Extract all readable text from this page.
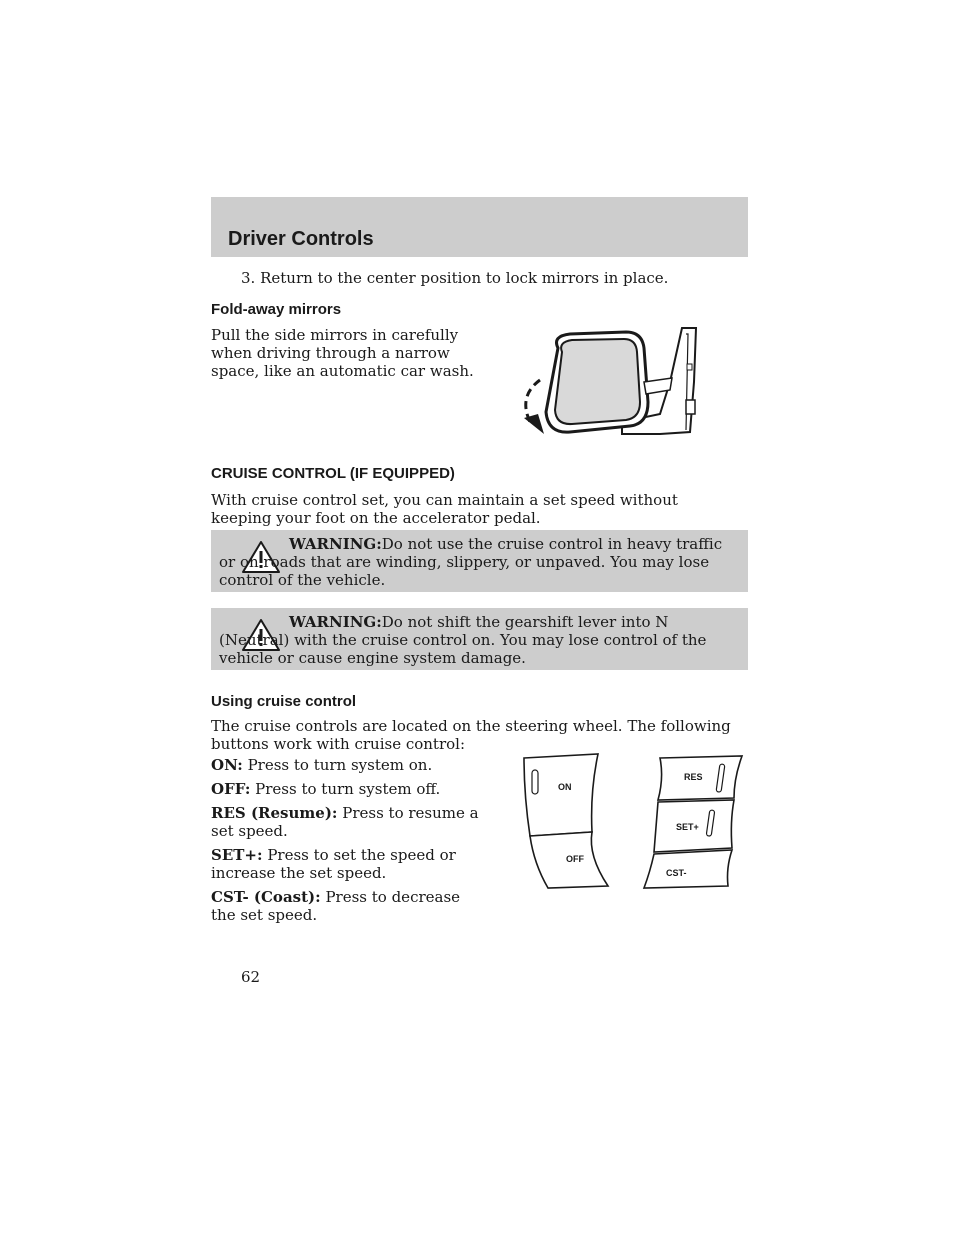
Driver Controls
3. Return to the center position to lock mirrors in place.
Fold-away mirrors
Pull the side mirrors in carefully when driving through a narrow space, like an automatic car wash.
CRUISE CONTROL (IF EQUIPPED)
With cruise control set, you can maintain a set speed without keeping your foot on the accelerator pedal.
WARNING:Do not use the cruise control in heavy traffic or on roads that are winding, slippery, or unpaved. You may lose control of the vehicle.
WARNING:Do not shift the gearshift lever into N (Neutral) with the cruise control on. You may lose control of the vehicle or cause engine system damage.
Using cruise control
The cruise controls are located on the steering wheel. The following buttons work with cruise control:
ON: Press to turn system on.
OFF: Press to turn system off.
RES (Resume): Press to resume a set speed.
SET+: Press to set the speed or increase the set speed.
CST- (Coast): Press to decrease the set speed.
ON
OFF
RES
SET+
CST-
62
